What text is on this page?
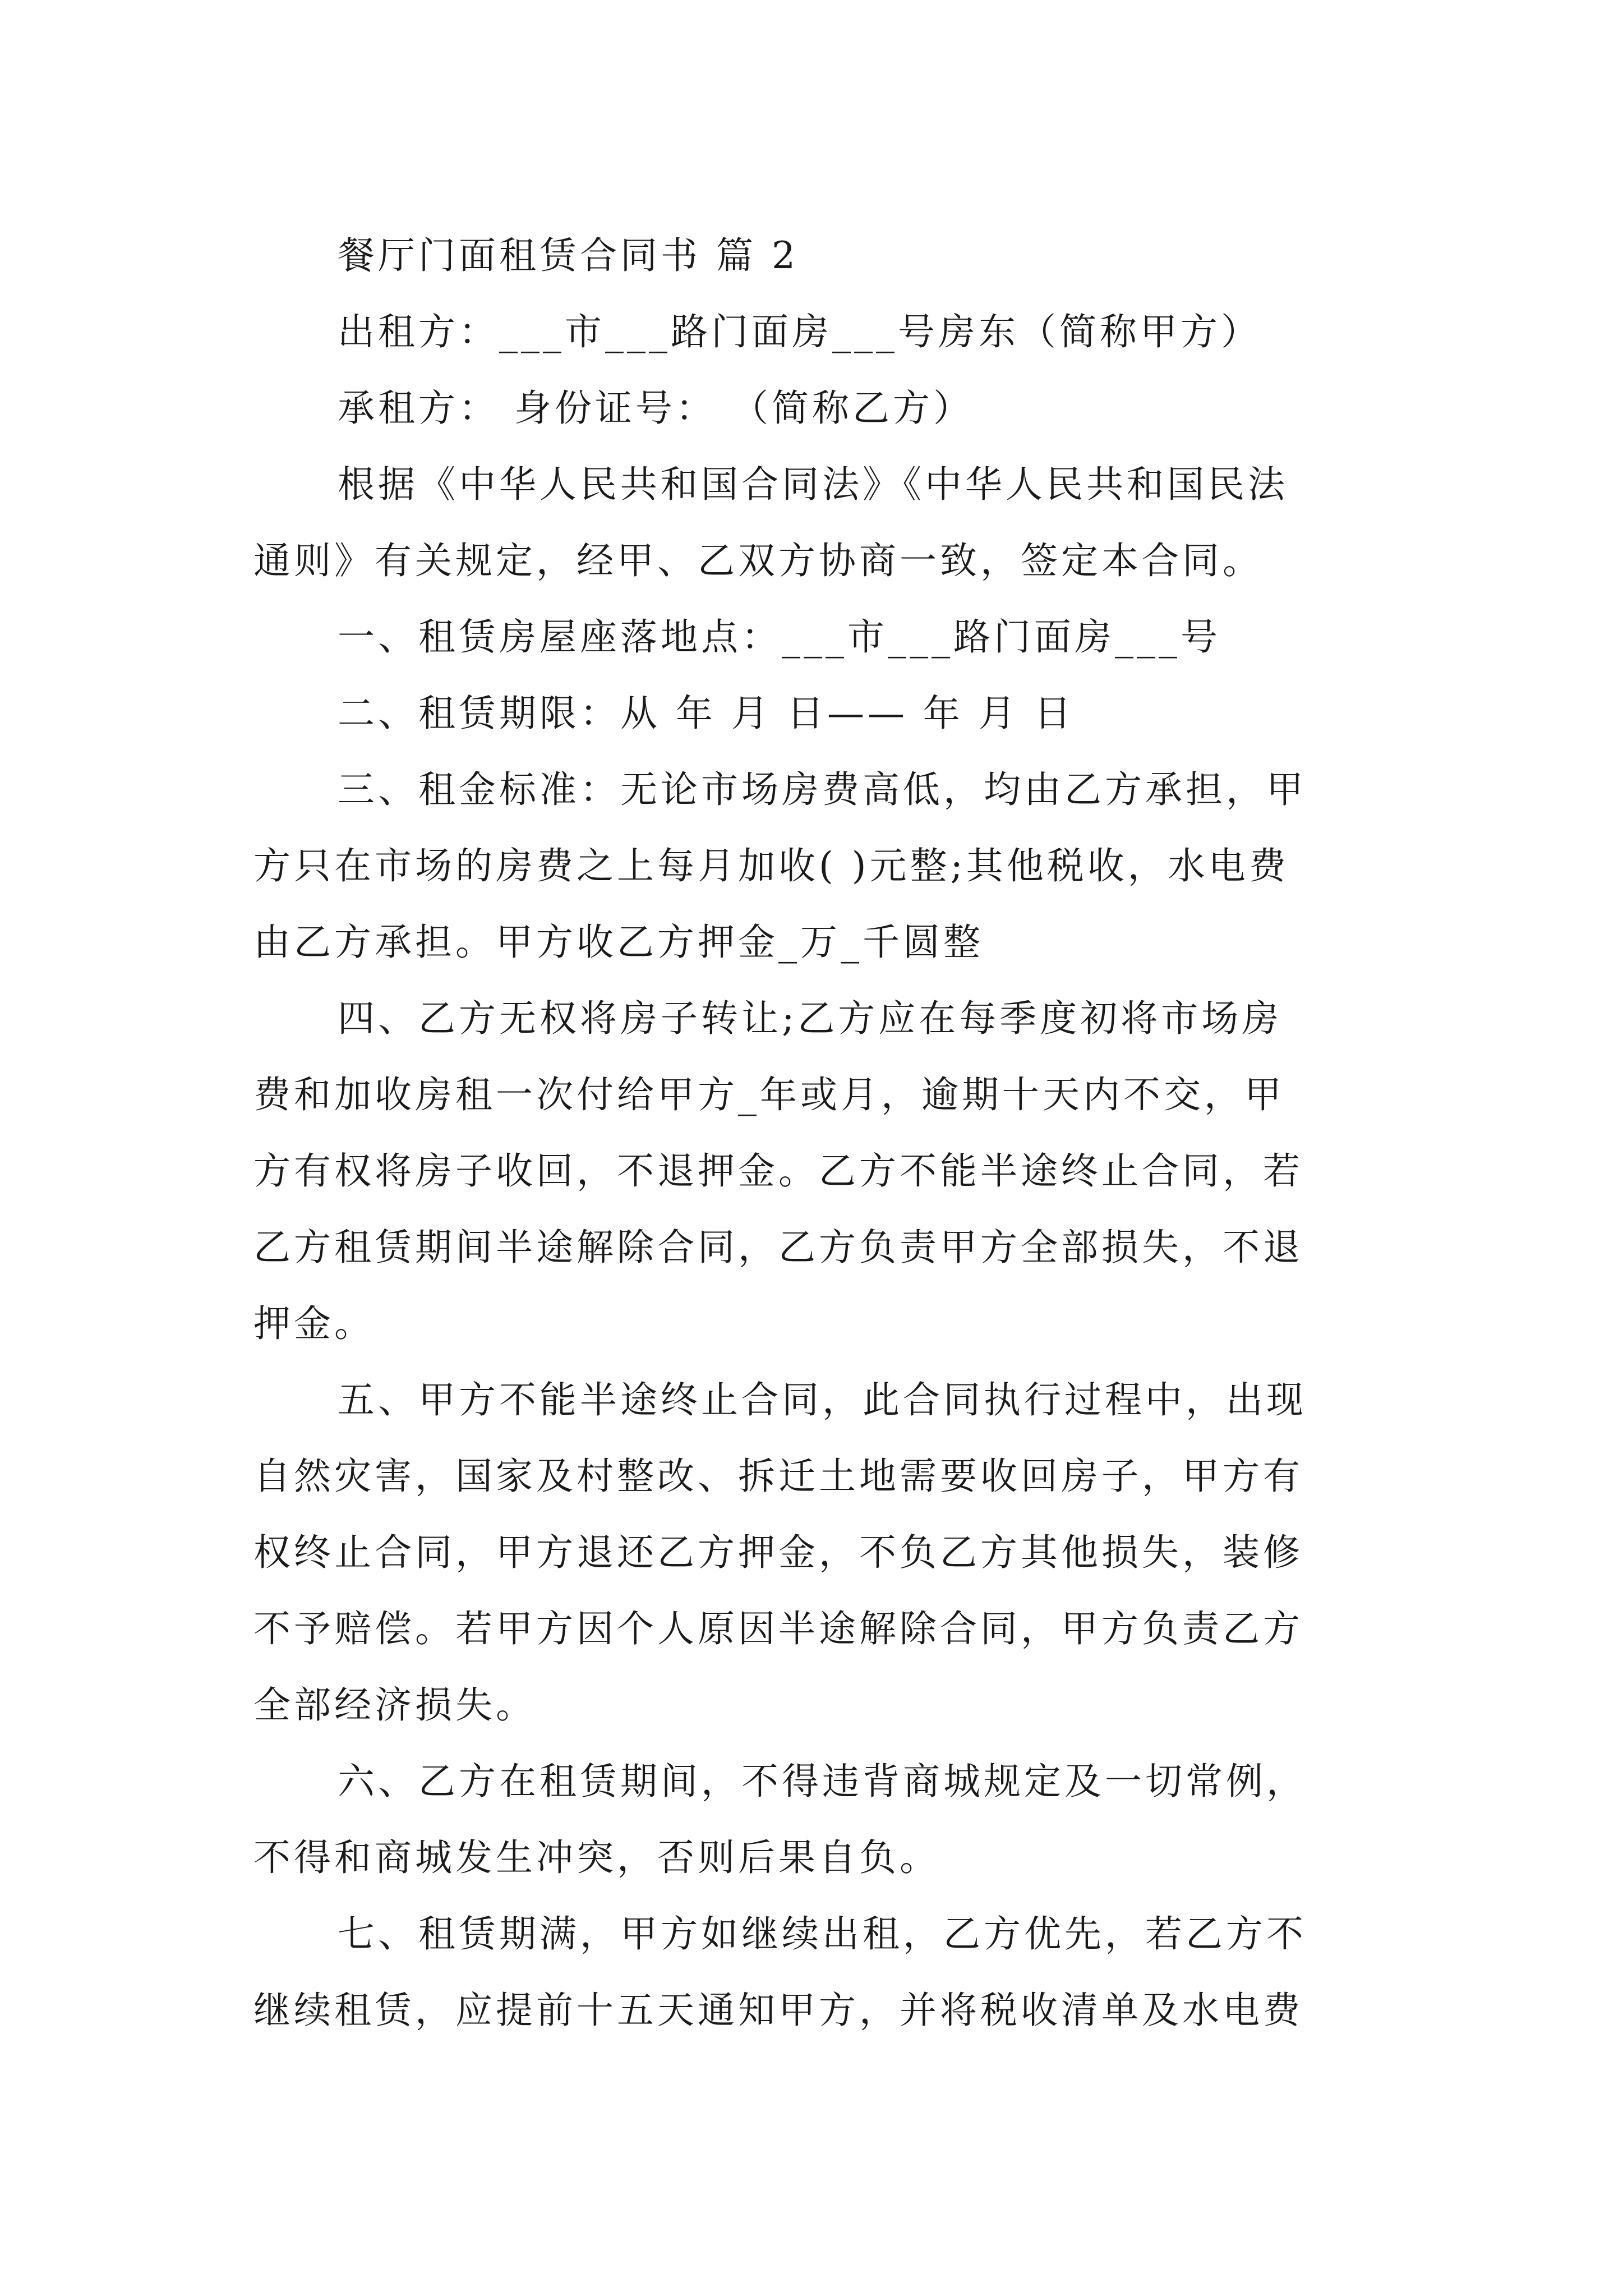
餐厅门面租赁合同书 篇 2

出租方：___市___路门面房___号房东（简称甲方）

承租方： 身份证号： （简称乙方）

根据《中华人民共和国合同法》《中华人民共和国民法

通则》有关规定，经甲、乙双方协商一致，签定本合同。

一、租赁房屋座落地点：___市___路门面房___号

二、租赁期限：从 年 月 日—— 年 月 日

三、租金标准：无论市场房费高低，均由乙方承担，甲

方只在市场的房费之上每月加收( )元整;其他税收，水电费

由乙方承担。甲方收乙方押金_万_千圆整

四、乙方无权将房子转让;乙方应在每季度初将市场房

费和加收房租一次付给甲方_年或月，逾期十天内不交，甲

方有权将房子收回，不退押金。乙方不能半途终止合同，若

乙方租赁期间半途解除合同，乙方负责甲方全部损失，不退

押金。

五、甲方不能半途终止合同，此合同执行过程中，出现

自然灾害，国家及村整改、拆迁土地需要收回房子，甲方有

权终止合同，甲方退还乙方押金，不负乙方其他损失，装修

不予赔偿。若甲方因个人原因半途解除合同，甲方负责乙方

全部经济损失。

六、乙方在租赁期间，不得违背商城规定及一切常例，

不得和商城发生冲突，否则后果自负。

七、租赁期满，甲方如继续出租，乙方优先，若乙方不

继续租赁，应提前十五天通知甲方，并将税收清单及水电费
